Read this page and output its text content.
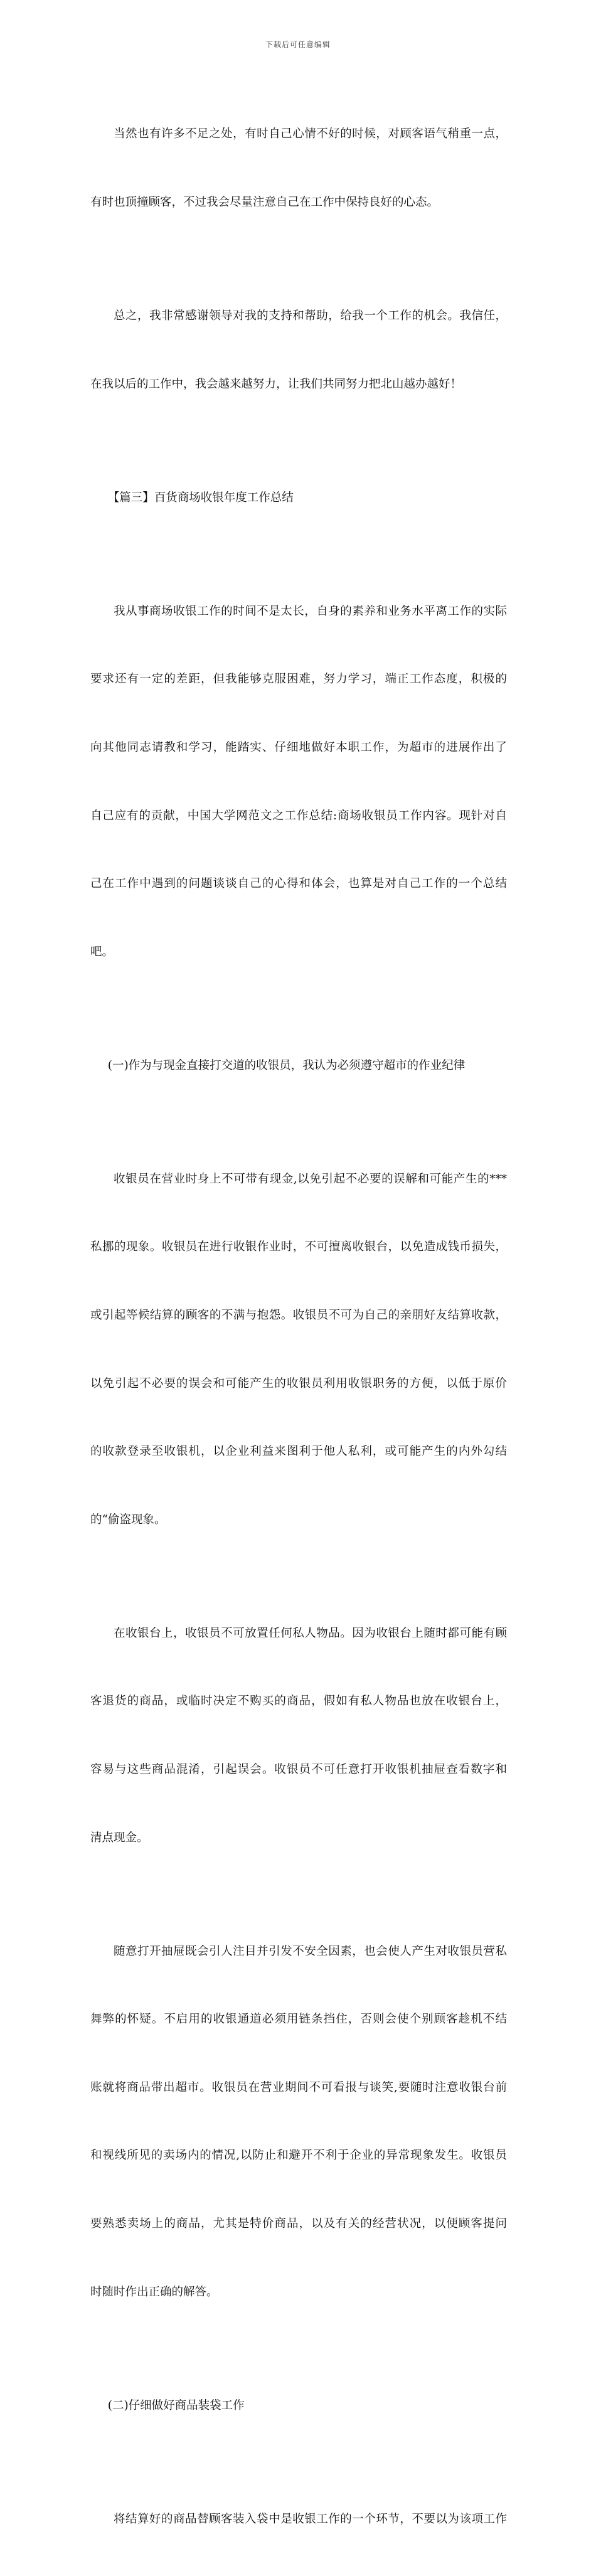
下载后可任意编辑

当然也有许多不足之处，有时自己心情不好的时候，对顾客语气稍重一点，

有时也顶撞顾客，不过我会尽量注意自己在工作中保持良好的心态。

总之，我非常感谢领导对我的支持和帮助，给我一个工作的机会。我信任，

在我以后的工作中，我会越来越努力，让我们共同努力把北山越办越好！

【篇三】百货商场收银年度工作总结

我从事商场收银工作的时间不是太长，自身的素养和业务水平离工作的实际

要求还有一定的差距，但我能够克服困难，努力学习，端正工作态度，积极的

向其他同志请教和学习，能踏实、仔细地做好本职工作，为超市的进展作出了

自己应有的贡献，中国大学网范文之工作总结:商场收银员工作内容。现针对自

己在工作中遇到的问题谈谈自己的心得和体会，也算是对自己工作的一个总结

吧。

(一)作为与现金直接打交道的收银员，我认为必须遵守超市的作业纪律

收银员在营业时身上不可带有现金,以免引起不必要的误解和可能产生的***

私挪的现象。收银员在进行收银作业时，不可擅离收银台，以免造成钱币损失，

或引起等候结算的顾客的不满与抱怨。收银员不可为自己的亲朋好友结算收款，

以免引起不必要的误会和可能产生的收银员利用收银职务的方便，以低于原价

的收款登录至收银机，以企业利益来图利于他人私利，或可能产生的内外勾结

的“偷盗现象。

在收银台上，收银员不可放置任何私人物品。因为收银台上随时都可能有顾

客退货的商品，或临时决定不购买的商品，假如有私人物品也放在收银台上，

容易与这些商品混淆，引起误会。收银员不可任意打开收银机抽屉查看数字和

清点现金。

随意打开抽屉既会引人注目并引发不安全因素，也会使人产生对收银员营私

舞弊的怀疑。不启用的收银通道必须用链条挡住，否则会使个别顾客趁机不结

账就将商品带出超市。收银员在营业期间不可看报与谈笑,要随时注意收银台前

和视线所见的卖场内的情况,以防止和避开不利于企业的异常现象发生。收银员

要熟悉卖场上的商品，尤其是特价商品，以及有关的经营状况，以便顾客提问

时随时作出正确的解答。

(二)仔细做好商品装袋工作

将结算好的商品替顾客装入袋中是收银工作的一个环节，不要以为该项工作
